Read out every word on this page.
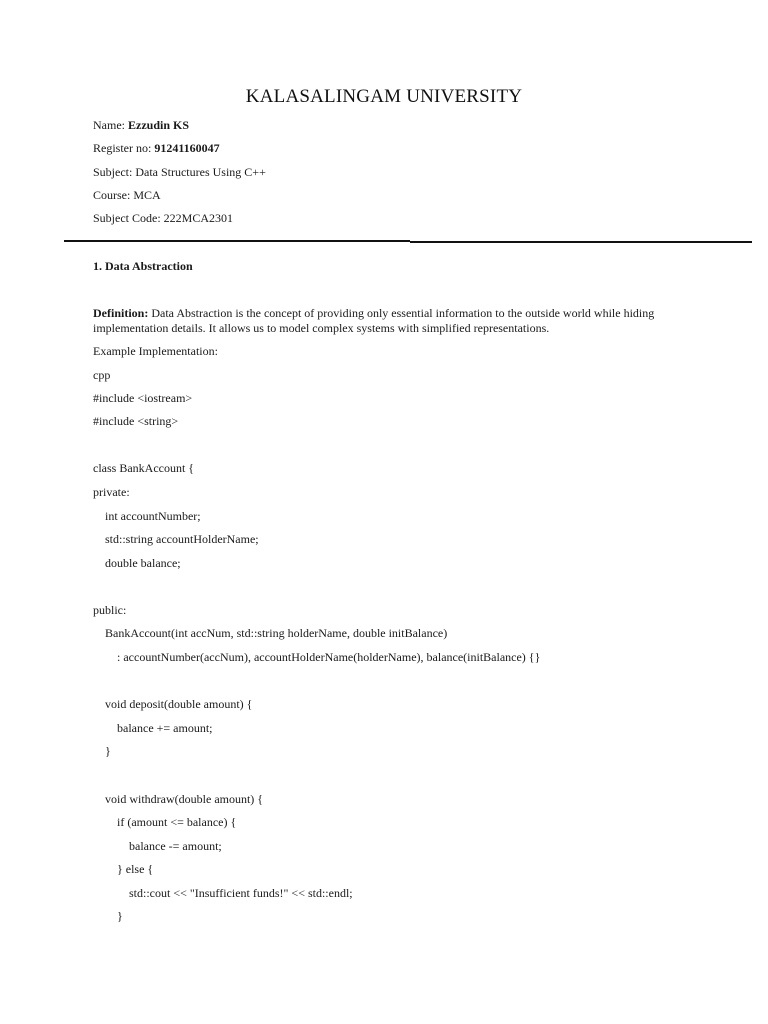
KALASALINGAM UNIVERSITY
Name: Ezzudin KS
Register no: 91241160047
Subject: Data Structures Using C++
Course: MCA
Subject Code: 222MCA2301
1. Data Abstraction
Definition: Data Abstraction is the concept of providing only essential information to the outside world while hiding implementation details. It allows us to model complex systems with simplified representations.
Example Implementation:
cpp
#include <iostream>
#include <string>
class BankAccount {
private:
int accountNumber;
std::string accountHolderName;
double balance;
public:
BankAccount(int accNum, std::string holderName, double initBalance)
: accountNumber(accNum), accountHolderName(holderName), balance(initBalance) {}
void deposit(double amount) {
balance += amount;
}
void withdraw(double amount) {
if (amount <= balance) {
balance -= amount;
} else {
std::cout << "Insufficient funds!" << std::endl;
}
